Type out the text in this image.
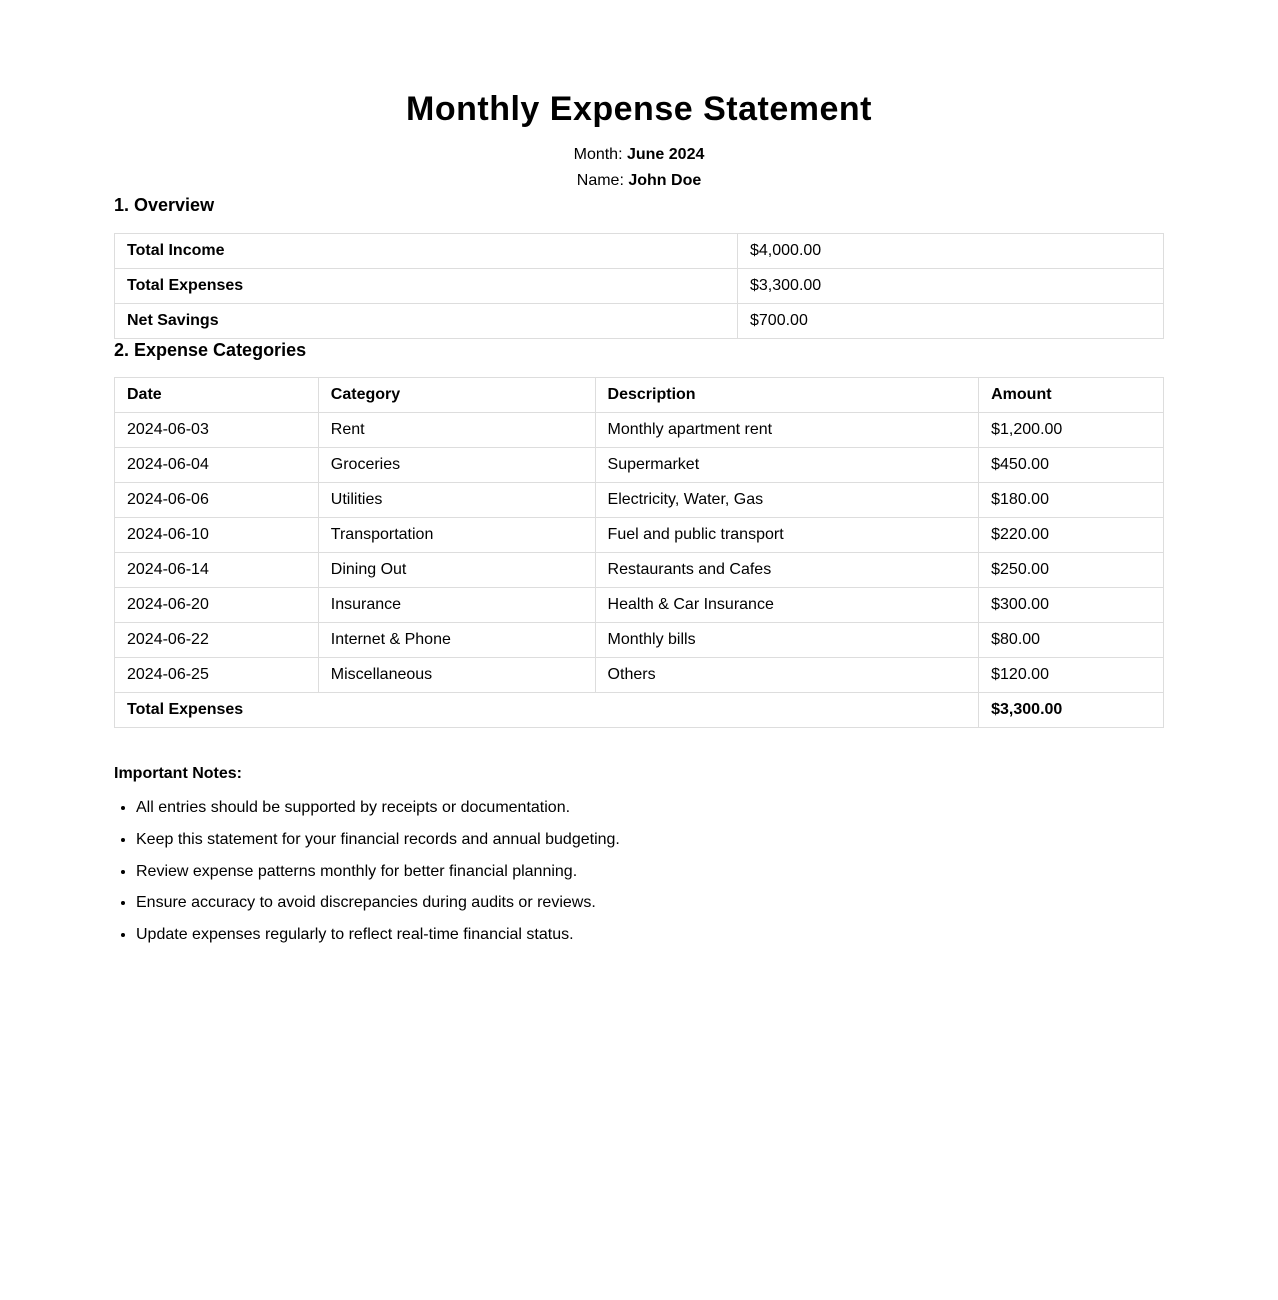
Monthly Expense Statement
Month: June 2024
Name: John Doe
1. Overview
Total Income	$4,000.00
Total Expenses	$3,300.00
Net Savings	$700.00
2. Expense Categories
Date	Category	Description	Amount
2024-06-03	Rent	Monthly apartment rent	$1,200.00
2024-06-04	Groceries	Supermarket	$450.00
2024-06-06	Utilities	Electricity, Water, Gas	$180.00
2024-06-10	Transportation	Fuel and public transport	$220.00
2024-06-14	Dining Out	Restaurants and Cafes	$250.00
2024-06-20	Insurance	Health & Car Insurance	$300.00
2024-06-22	Internet & Phone	Monthly bills	$80.00
2024-06-25	Miscellaneous	Others	$120.00
Total Expenses			$3,300.00
Important Notes:
• All entries should be supported by receipts or documentation.
• Keep this statement for your financial records and annual budgeting.
• Review expense patterns monthly for better financial planning.
• Ensure accuracy to avoid discrepancies during audits or reviews.
• Update expenses regularly to reflect real-time financial status.
